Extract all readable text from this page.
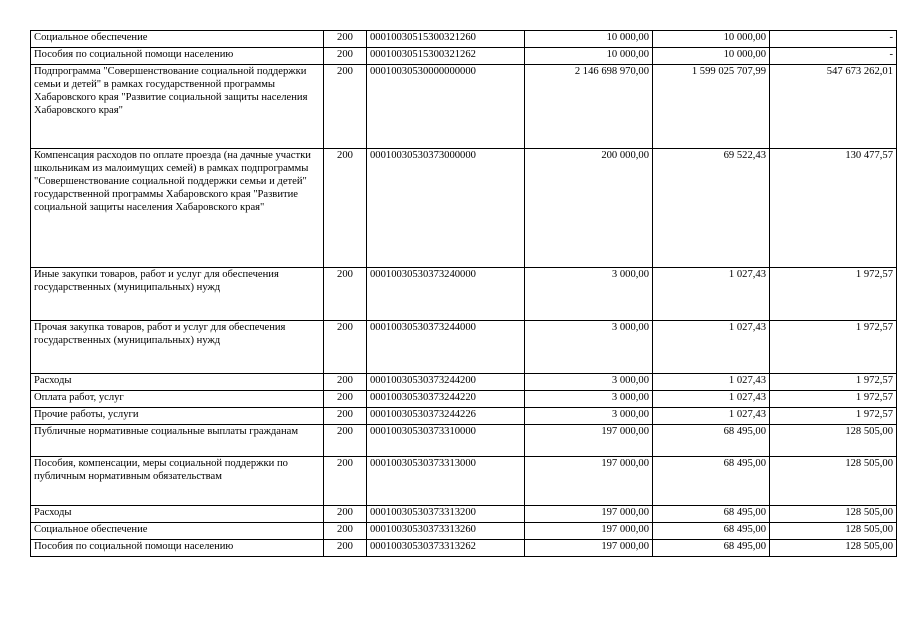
Социальное обеспечение	200	00010030515300321260	10 000,00	10 000,00	-
Пособия по социальной помощи населению	200	00010030515300321262	10 000,00	10 000,00	-
Подпрограмма "Совершенствование социальной поддержки семьи и детей" в рамках государственной программы Хабаровского края "Развитие социальной защиты населения Хабаровского края"	200	00010030530000000000	2 146 698 970,00	1 599 025 707,99	547 673 262,01
Компенсация расходов по оплате проезда (на дачные участки школьникам из малоимущих семей) в рамках подпрограммы "Совершенствование социальной поддержки семьи и детей" государственной программы Хабаровского края "Развитие социальной защиты населения Хабаровского края"	200	00010030530373000000	200 000,00	69 522,43	130 477,57
Иные закупки товаров, работ и услуг для обеспечения государственных (муниципальных) нужд	200	00010030530373240000	3 000,00	1 027,43	1 972,57
Прочая закупка товаров, работ и услуг для обеспечения государственных (муниципальных) нужд	200	00010030530373244000	3 000,00	1 027,43	1 972,57
Расходы	200	00010030530373244200	3 000,00	1 027,43	1 972,57
Оплата работ, услуг	200	00010030530373244220	3 000,00	1 027,43	1 972,57
Прочие работы, услуги	200	00010030530373244226	3 000,00	1 027,43	1 972,57
Публичные нормативные социальные выплаты гражданам	200	00010030530373310000	197 000,00	68 495,00	128 505,00
Пособия, компенсации, меры социальной поддержки по публичным нормативным обязательствам	200	00010030530373313000	197 000,00	68 495,00	128 505,00
Расходы	200	00010030530373313200	197 000,00	68 495,00	128 505,00
Социальное обеспечение	200	00010030530373313260	197 000,00	68 495,00	128 505,00
Пособия по социальной помощи населению	200	00010030530373313262	197 000,00	68 495,00	128 505,00
